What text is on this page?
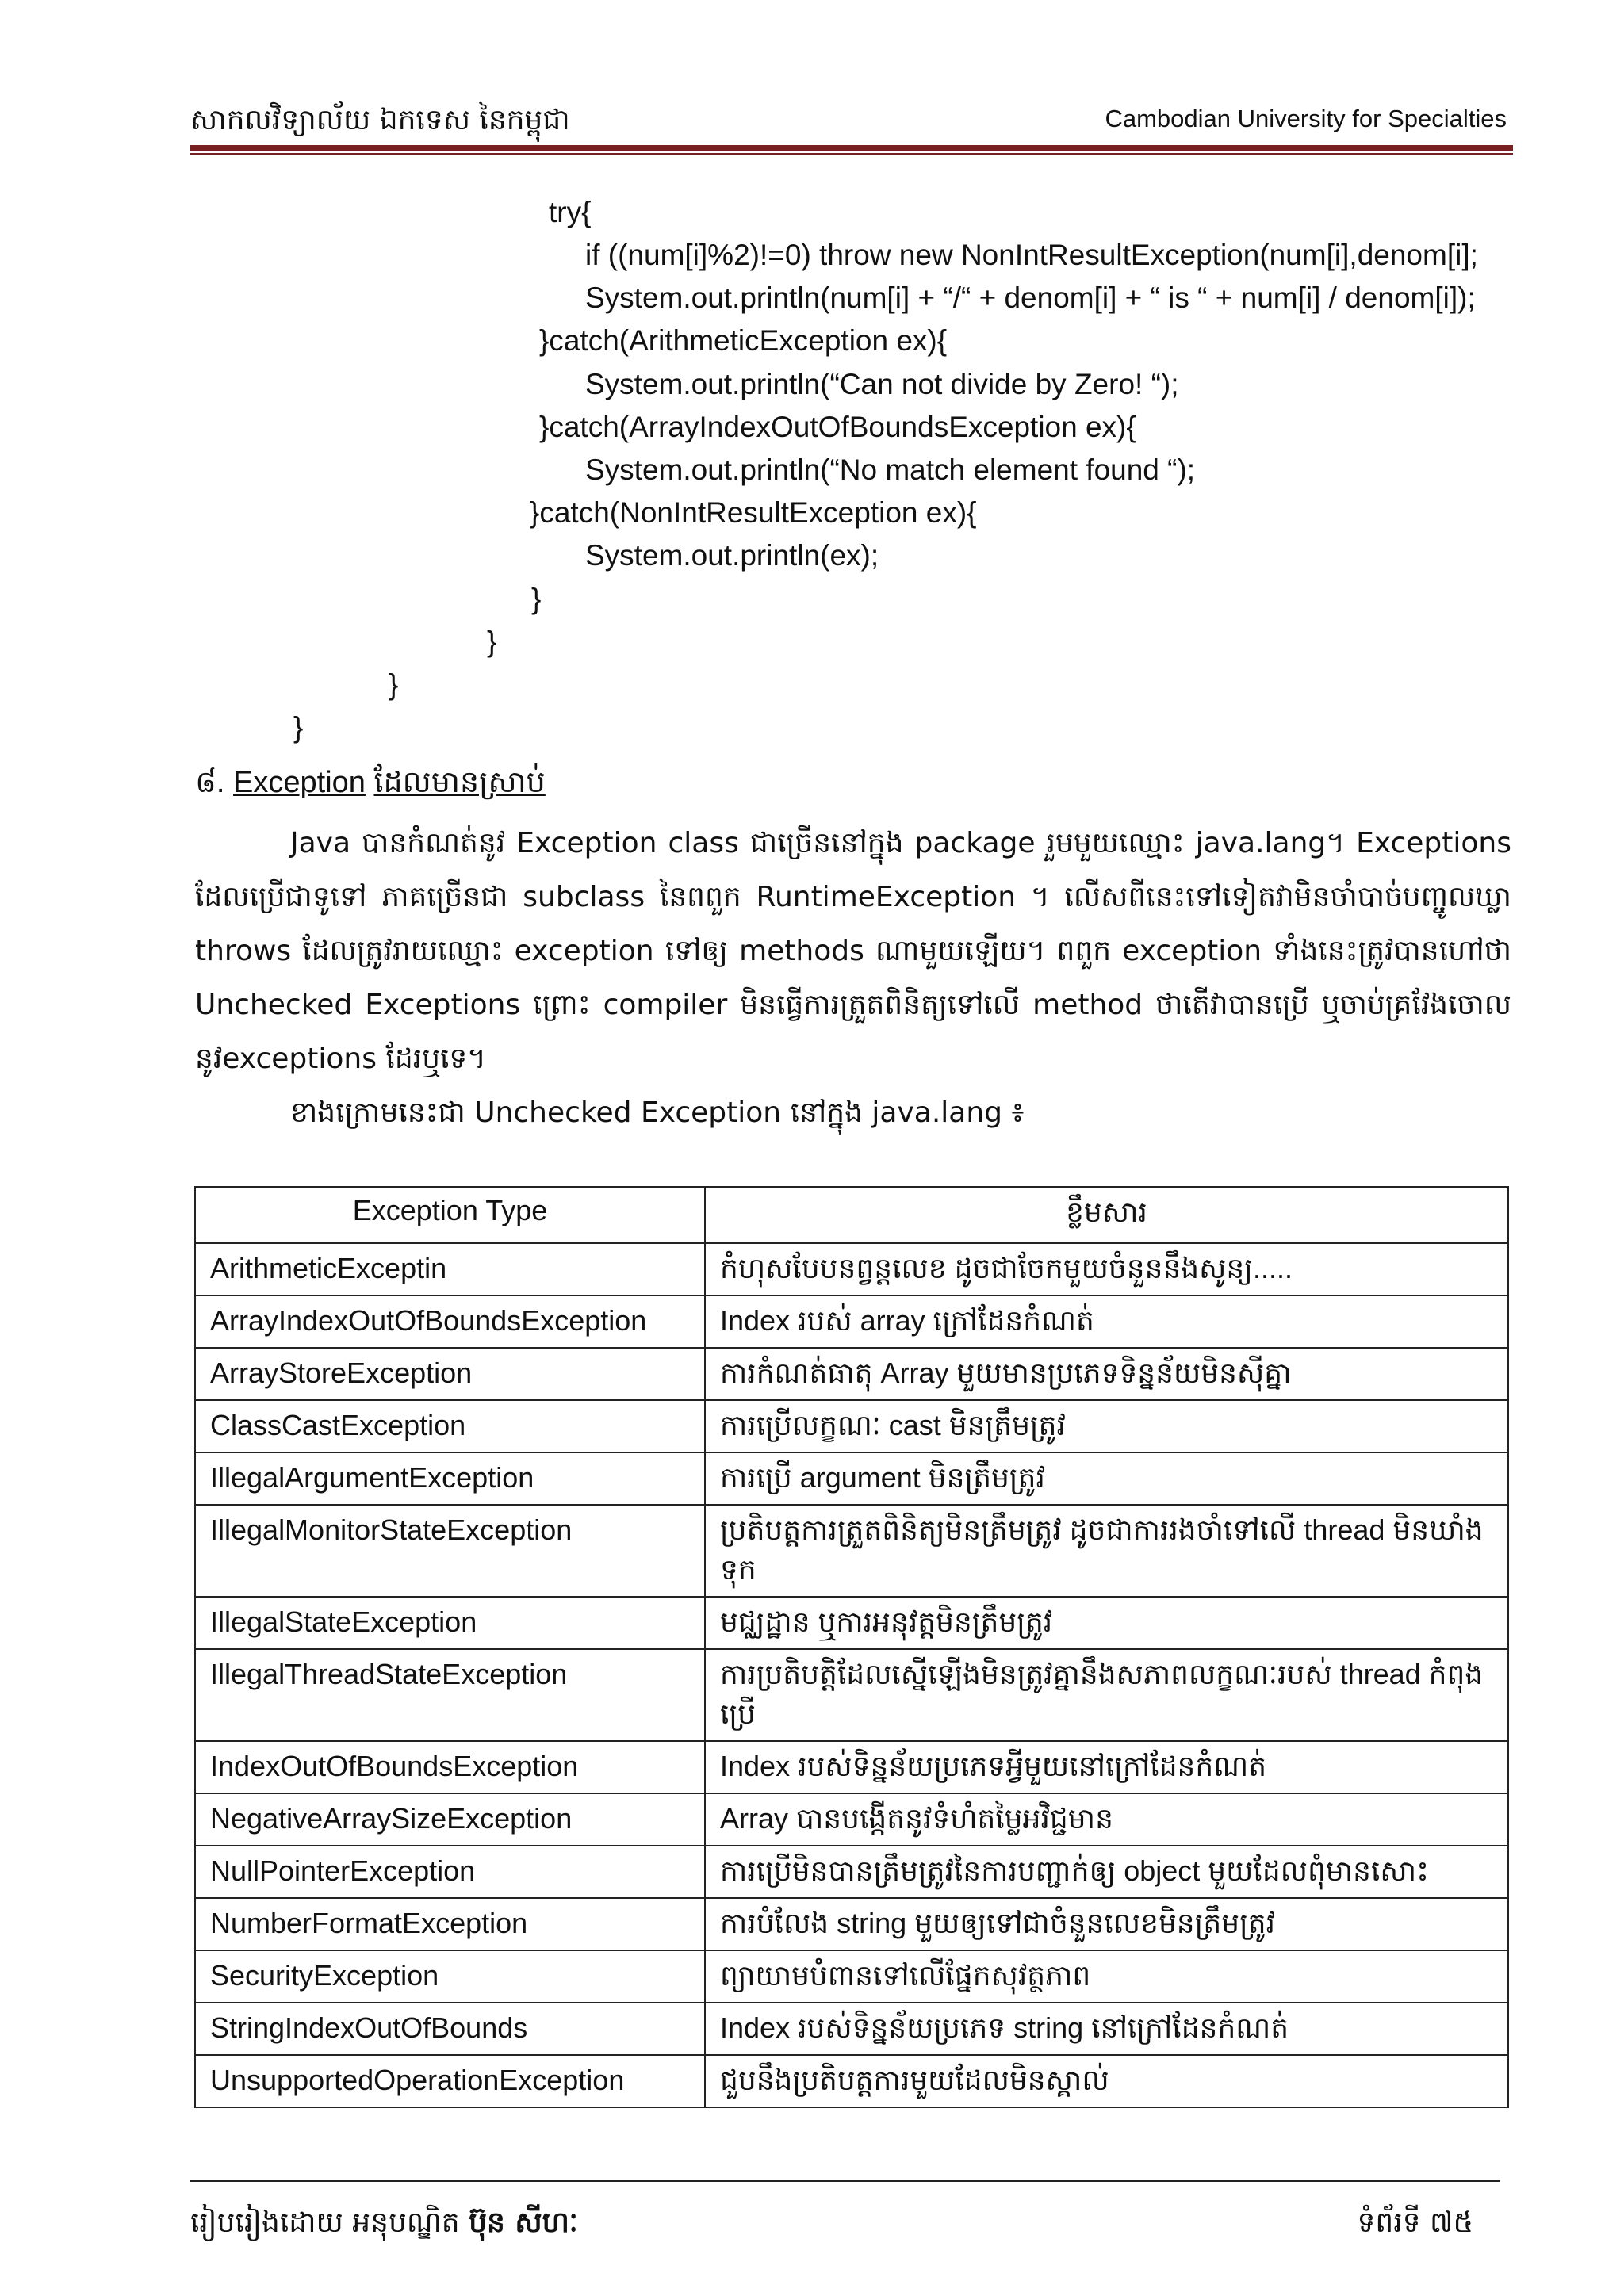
សាកលវិទ្យាល័យ ឯកទេស នៃកម្ពុជា	Cambodian University for Specialties
try{
if ((num[i]%2)!=0) throw new NonIntResultException(num[i],denom[i];
System.out.println(num[i] + “/“ + denom[i] + “ is “ + num[i] / denom[i]);
}catch(ArithmeticException ex){
System.out.println(“Can not divide by Zero! “);
}catch(ArrayIndexOutOfBoundsException ex){
System.out.println(“No match element found “);
}catch(NonIntResultException ex){
System.out.println(ex);
}
}
}
}
៨. Exception ដែលមានស្រាប់
Java បានកំណត់នូវ Exception class ជាច្រើននៅក្នុង package រួមមួយឈ្មោះ java.lang។ Exceptions ដែលប្រើជាទូទៅ ភាគច្រើនជា subclass នៃពពួក RuntimeException ។ លើសពីនេះទៅទៀតវាមិនចាំបាច់បញ្ចូលឃ្លា throws ដែលត្រូវរាយឈ្មោះ exception ទៅឲ្យ methods ណាមួយឡើយ។ ពពួក exception ទាំងនេះត្រូវបានហៅថា Unchecked Exceptions ព្រោះ compiler មិនធ្វើការត្រួតពិនិត្យទៅលើ method ថាតើវាបានប្រើ ឬចាប់គ្រវែងចោលនូវexceptions ដែរឬទេ។
ខាងក្រោមនេះជា Unchecked Exception នៅក្នុង java.lang ៖
Exception Type	ខ្លឹមសារ
ArithmeticExceptin	កំហុសបែបនព្វន្តលេខ ដូចជាចែកមួយចំនួននឹងសូន្យ.....
ArrayIndexOutOfBoundsException	Index របស់ array ក្រៅដែនកំណត់
ArrayStoreException	ការកំណត់ធាតុ Array មួយមានប្រភេទទិន្នន័យមិនស៊ីគ្នា
ClassCastException	ការប្រើលក្ខណៈ cast មិនត្រឹមត្រូវ
IllegalArgumentException	ការប្រើ argument មិនត្រឹមត្រូវ
IllegalMonitorStateException	ប្រតិបត្តការត្រួតពិនិត្យមិនត្រឹមត្រូវ ដូចជាការរងចាំទៅលើ thread មិនឃាំងទុក
IllegalStateException	មជ្ឈដ្ឋាន ឬការអនុវត្តមិនត្រឹមត្រូវ
IllegalThreadStateException	ការប្រតិបត្តិដែលស្នើឡើងមិនត្រូវគ្នានឹងសភាពលក្ខណៈរបស់ thread កំពុងប្រើ
IndexOutOfBoundsException	Index របស់ទិន្នន័យប្រភេទអ្វីមួយនៅក្រៅដែនកំណត់
NegativeArraySizeException	Array បានបង្កើតនូវទំហំតម្លៃអវិជ្ជមាន
NullPointerException	ការប្រើមិនបានត្រឹមត្រូវនៃការបញ្ជាក់ឲ្យ object មួយដែលពុំមានសោះ
NumberFormatException	ការបំលែង string មួយឲ្យទៅជាចំនួនលេខមិនត្រឹមត្រូវ
SecurityException	ព្យាយាមបំពានទៅលើផ្នែកសុវត្ថភាព
StringIndexOutOfBounds	Index របស់ទិន្នន័យប្រភេទ string នៅក្រៅដែនកំណត់
UnsupportedOperationException	ជួបនឹងប្រតិបត្តការមួយដែលមិនស្គាល់
រៀបរៀងដោយ អនុបណ្ឌិត ប៊ុន សីហៈ	ទំព័រទី ៧៥
